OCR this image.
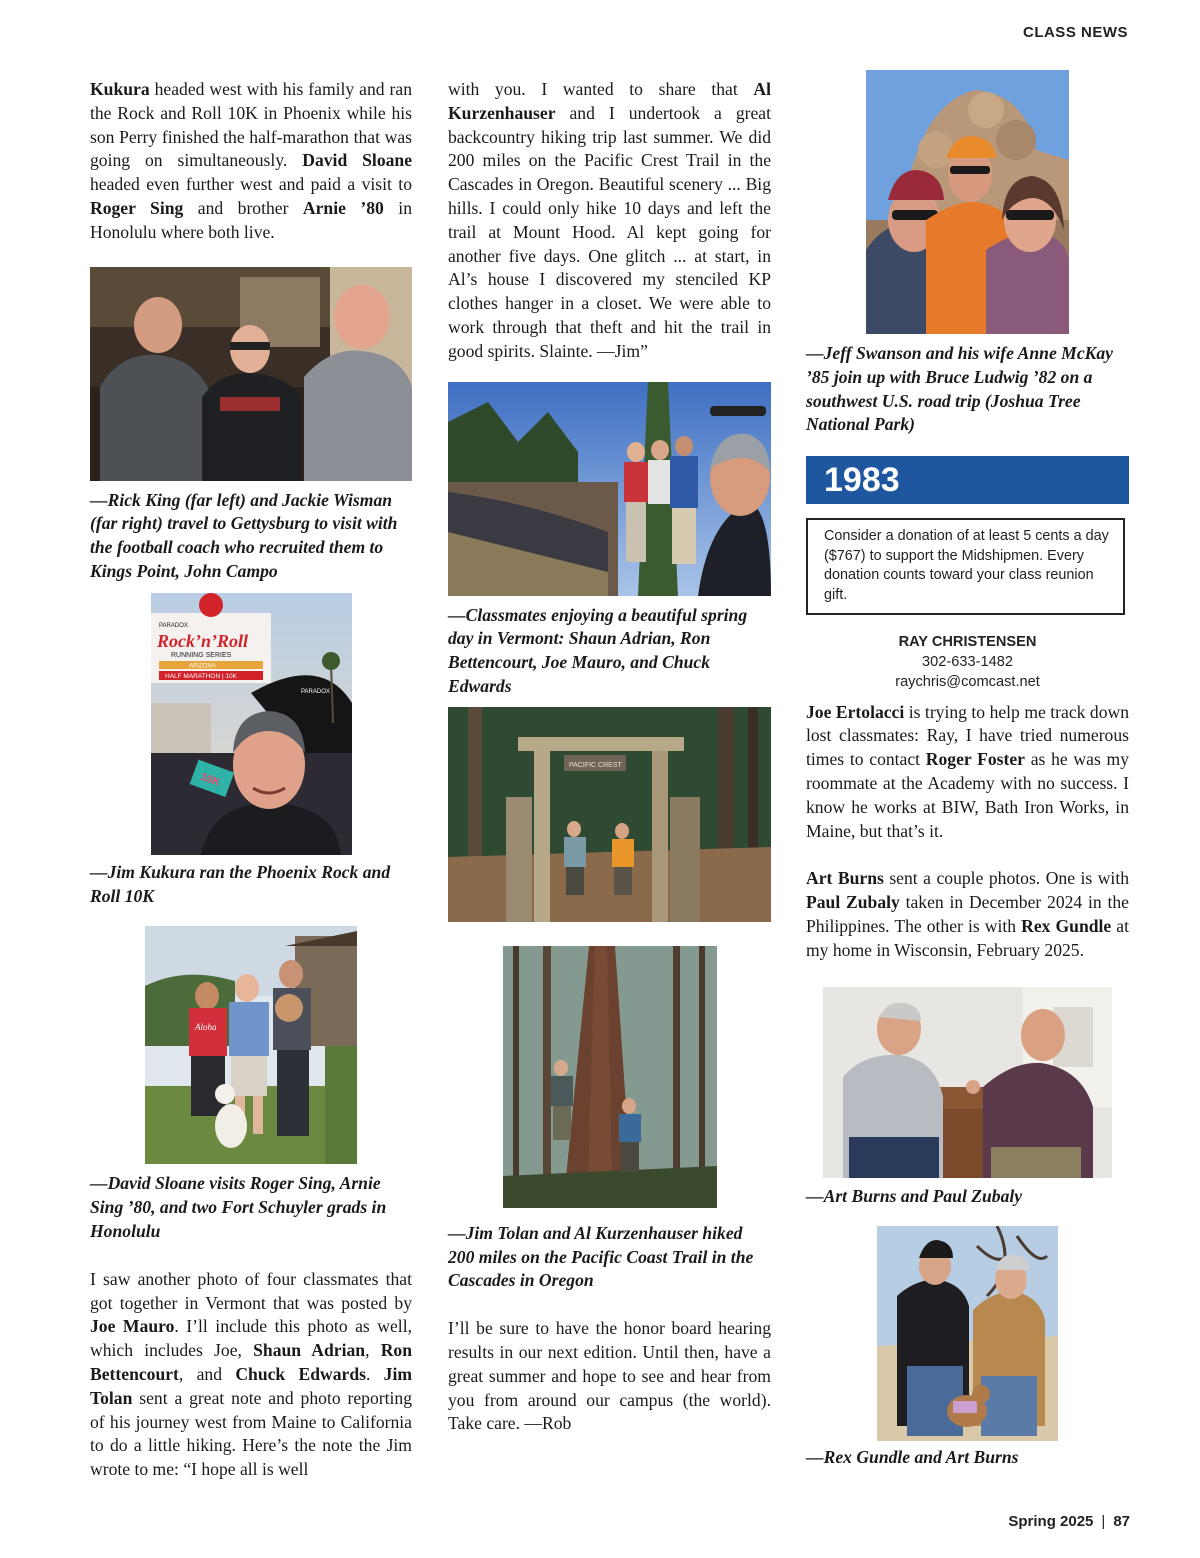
CLASS NEWS

Kukura headed west with his family and ran the Rock and Roll 10K in Phoenix while his son Perry finished the half-marathon that was going on simultaneously. David Sloane headed even further west and paid a visit to Roger Sing and brother Arnie ’80 in Honolulu where both live.

—Rick King (far left) and Jackie Wisman (far right) travel to Gettysburg to visit with the football coach who recruited them to Kings Point, John Campo

PARADOX
Rock’n’Roll
RUNNING SERIES
ARIZONA
HALF MARATHON | 10K
PARADOX
10K

—Jim Kukura ran the Phoenix Rock and Roll 10K

Aloha

—David Sloane visits Roger Sing, Arnie Sing ’80, and two Fort Schuyler grads in Honolulu

I saw another photo of four classmates that got together in Vermont that was posted by Joe Mauro. I’ll include this photo as well, which includes Joe, Shaun Adrian, Ron Bettencourt, and Chuck Edwards. Jim Tolan sent a great note and photo reporting of his journey west from Maine to California to do a little hiking. Here’s the note the Jim wrote to me: “I hope all is well

with you. I wanted to share that Al Kurzenhauser and I undertook a great backcountry hiking trip last summer. We did 200 miles on the Pacific Crest Trail in the Cascades in Oregon. Beautiful scenery ... Big hills. I could only hike 10 days and left the trail at Mount Hood. Al kept going for another five days. One glitch ... at start, in Al’s house I discovered my stenciled KP clothes hanger in a closet. We were able to work through that theft and hit the trail in good spirits. Slainte. —Jim”

—Classmates enjoying a beautiful spring day in Vermont: Shaun Adrian, Ron Bettencourt, Joe Mauro, and Chuck Edwards

PACIFIC CREST

—Jim Tolan and Al Kurzenhauser hiked 200 miles on the Pacific Coast Trail in the Cascades in Oregon

I’ll be sure to have the honor board hearing results in our next edition. Until then, have a great summer and hope to see and hear from you from around our campus (the world). Take care. —Rob

—Jeff Swanson and his wife Anne McKay ’85 join up with Bruce Ludwig ’82 on a southwest U.S. road trip (Joshua Tree National Park)

1983
Consider a donation of at least 5 cents a day ($767) to support the Midshipmen. Every donation counts toward your class reunion gift.
RAY CHRISTENSEN
302-633-1482
raychris@comcast.net

Joe Ertolacci is trying to help me track down lost classmates: Ray, I have tried numerous times to contact Roger Foster as he was my roommate at the Academy with no success. I know he works at BIW, Bath Iron Works, in Maine, but that’s it.

Art Burns sent a couple photos. One is with Paul Zubaly taken in December 2024 in the Philippines. The other is with Rex Gundle at my home in Wisconsin, February 2025.

—Art Burns and Paul Zubaly

—Rex Gundle and Art Burns

Spring 2025 | 87
